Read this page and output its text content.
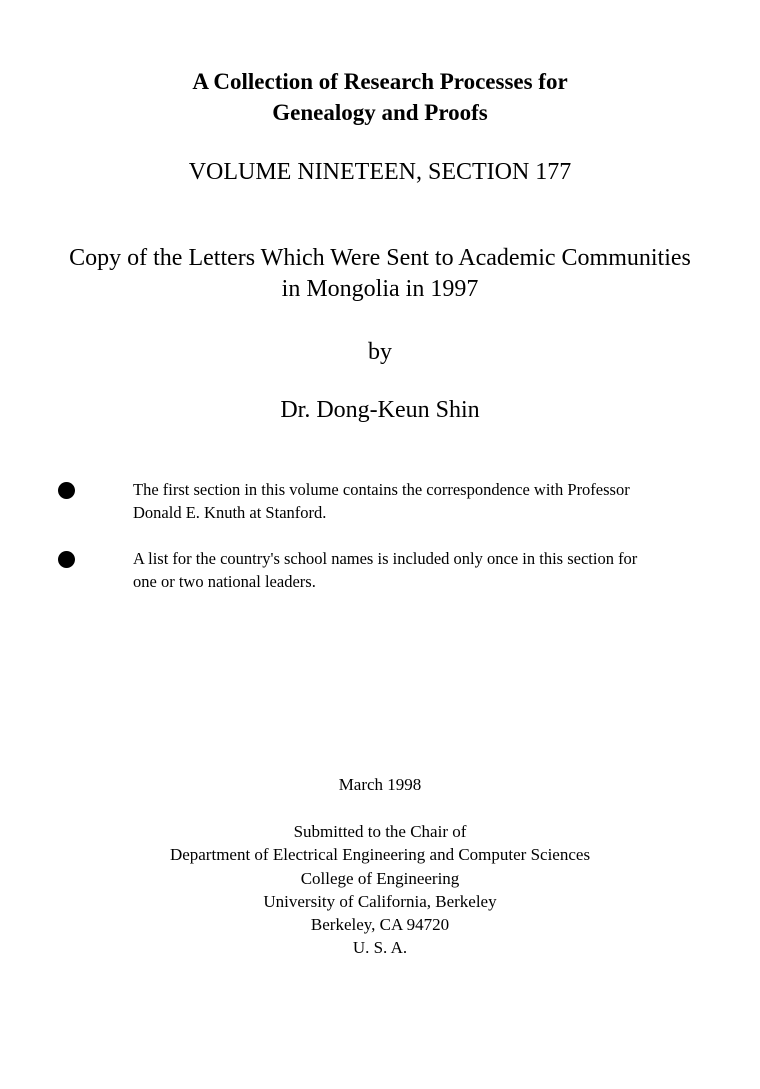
A Collection of Research Processes for
Genealogy and Proofs
VOLUME NINETEEN, SECTION 177
Copy of the Letters Which Were Sent to Academic Communities
in Mongolia in 1997
by
Dr. Dong-Keun Shin
The first section in this volume contains the correspondence with Professor
Donald E. Knuth at Stanford.
A list for the country's school names is included only once in this section for
one or two national leaders.
March 1998
Submitted to the Chair of
Department of Electrical Engineering and Computer Sciences
College of Engineering
University of California, Berkeley
Berkeley, CA 94720
U. S. A.
